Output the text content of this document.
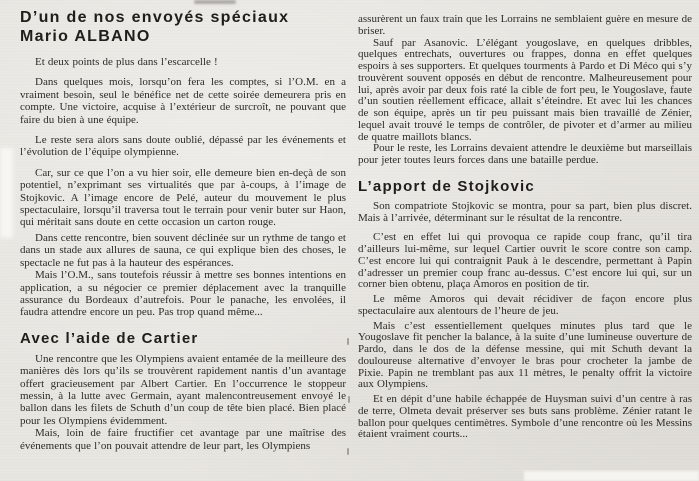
D’un de nos envoyés spéciaux
Mario ALBANO

Et deux points de plus dans l’escarcelle !

Dans quelques mois, lorsqu’on fera les comptes, si l’O.M. en a vraiment besoin, seul le bénéfice net de cette soirée demeurera pris en compte. Une victoire, acquise à l’extérieur de surcroît, ne pouvant que faire du bien à une équipe.

Le reste sera alors sans doute oublié, dépassé par les événements et l’évolution de l’équipe olympienne.

Car, sur ce que l’on a vu hier soir, elle demeure bien en-deçà de son potentiel, n’exprimant ses virtualités que par à-coups, à l’image de Stojkovic. A l’image encore de Pelé, auteur du mouvement le plus spectaculaire, lorsqu’il traversa tout le terrain pour venir buter sur Haon, qui méritait sans doute en cette occasion un carton rouge.

Dans cette rencontre, bien souvent déclinée sur un rythme de tango et dans un stade aux allures de sauna, ce qui explique bien des choses, le spectacle ne fut pas à la hauteur des espérances.

Mais l’O.M., sans toutefois réussir à mettre ses bonnes intentions en application, a su négocier ce premier déplacement avec la tranquille assurance du Bordeaux d’autrefois. Pour le panache, les envolées, il faudra attendre encore un peu. Pas trop quand même...

Avec l’aide de Cartier

Une rencontre que les Olympiens avaient entamée de la meilleure des manières dès lors qu’ils se trouvèrent rapidement nantis d’un avantage offert gracieusement par Albert Cartier. En l’occurrence le stoppeur messin, à la lutte avec Germain, ayant malencontreusement envoyé le ballon dans les filets de Schuth d’un coup de tête bien placé. Bien placé pour les Olympiens évidemment.

Mais, loin de faire fructifier cet avantage par une maîtrise des événements que l’on pouvait attendre de leur part, les Olympiens

assurèrent un faux train que les Lorrains ne semblaient guère en mesure de briser.

Sauf par Asanovic. L’élégant yougoslave, en quelques dribbles, quelques entrechats, ouvertures ou frappes, donna en effet quelques espoirs à ses supporters. Et quelques tourments à Pardo et Di Méco qui s’y trouvèrent souvent opposés en début de rencontre. Malheureusement pour lui, après avoir par deux fois raté la cible de fort peu, le Yougoslave, faute d’un soutien réellement efficace, allait s’éteindre. Et avec lui les chances de son équipe, après un tir peu puissant mais bien travaillé de Zénier, lequel avait trouvé le temps de contrôler, de pivoter et d’armer au milieu de quatre maillots blancs.

Pour le reste, les Lorrains devaient attendre le deuxième but marseillais pour jeter toutes leurs forces dans une bataille perdue.

L’apport de Stojkovic

Son compatriote Stojkovic se montra, pour sa part, bien plus discret. Mais à l’arrivée, déterminant sur le résultat de la rencontre.

C’est en effet lui qui provoqua ce rapide coup franc, qu’il tira d’ailleurs lui-même, sur lequel Cartier ouvrit le score contre son camp. C’est encore lui qui contraignit Pauk à le descendre, permettant à Papin d’adresser un premier coup franc au-dessus. C’est encore lui qui, sur un corner bien obtenu, plaça Amoros en position de tir.

Le même Amoros qui devait récidiver de façon encore plus spectaculaire aux alentours de l’heure de jeu.

Mais c’est essentiellement quelques minutes plus tard que le Yougoslave fit pencher la balance, à la suite d’une lumineuse ouverture de Pardo, dans le dos de la défense messine, qui mit Schuth devant la douloureuse alternative d’envoyer le bras pour crocheter la jambe de Pixie. Papin ne tremblant pas aux 11 mètres, le penalty offrit la victoire aux Olympiens.

Et en dépit d’une habile échappée de Huysman suivi d’un centre à ras de terre, Olmeta devait préserver ses buts sans problème. Zénier ratant le ballon pour quelques centimètres. Symbole d’une rencontre où les Messins étaient vraiment courts...
